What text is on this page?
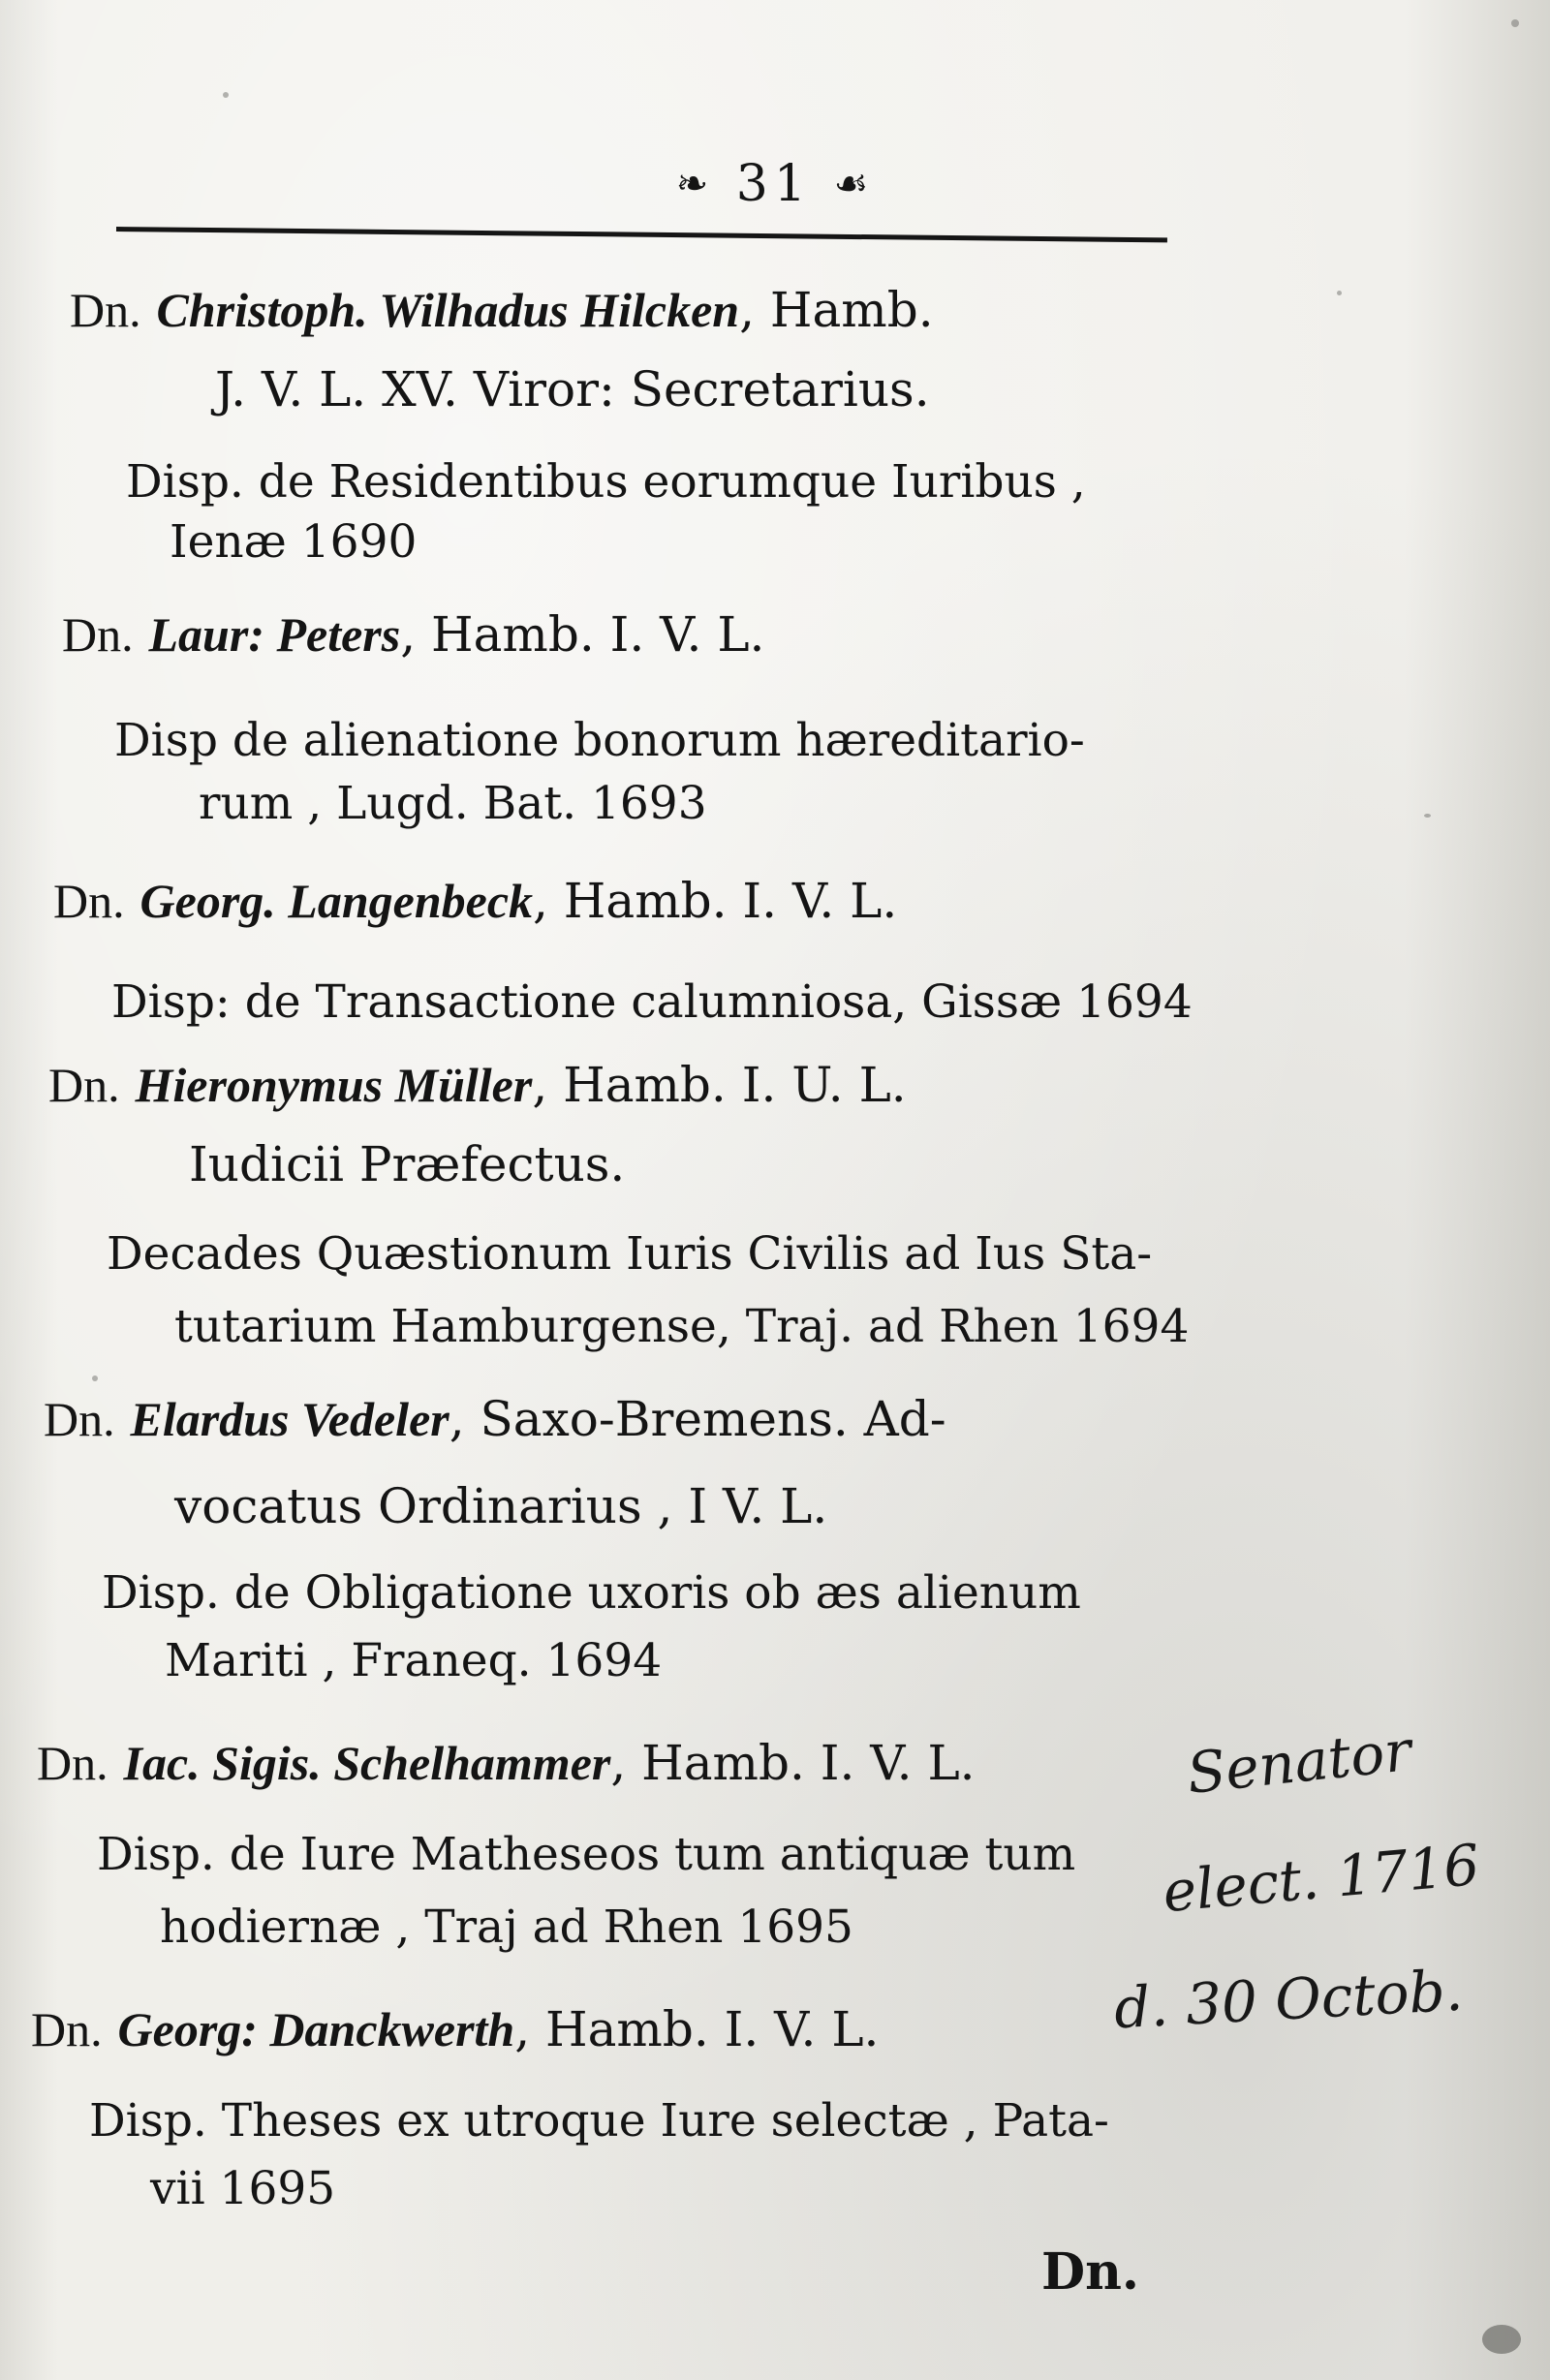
❧ 31 ☙
Dn. Christoph. Wilhadus Hilcken, Hamb.
J. V. L. XV. Viror: Secretarius.
Disp. de Residentibus eorumque Iuribus ,
Ienæ 1690
Dn. Laur: Peters, Hamb. I. V. L.
Disp de alienatione bonorum hæreditario-
rum , Lugd. Bat. 1693
Dn. Georg. Langenbeck, Hamb. I. V. L.
Disp: de Transactione calumniosa, Gissæ 1694
Dn. Hieronymus Müller, Hamb. I. U. L.
Iudicii Præfectus.
Decades Quæstionum Iuris Civilis ad Ius Sta-
tutarium Hamburgense, Traj. ad Rhen 1694
Dn. Elardus Vedeler, Saxo-Bremens. Ad-
vocatus Ordinarius , I V. L.
Disp. de Obligatione uxoris ob æs alienum
Mariti , Franeq. 1694
Dn. Iac. Sigis. Schelhammer, Hamb. I. V. L.
Disp. de Iure Matheseos tum antiquæ tum
hodiernæ , Traj ad Rhen 1695
Dn. Georg: Danckwerth, Hamb. I. V. L.
Disp. Theses ex utroque Iure selectæ , Pata-
vii 1695
Senator
elect. 1716
d. 30 Octob.
Dn.
